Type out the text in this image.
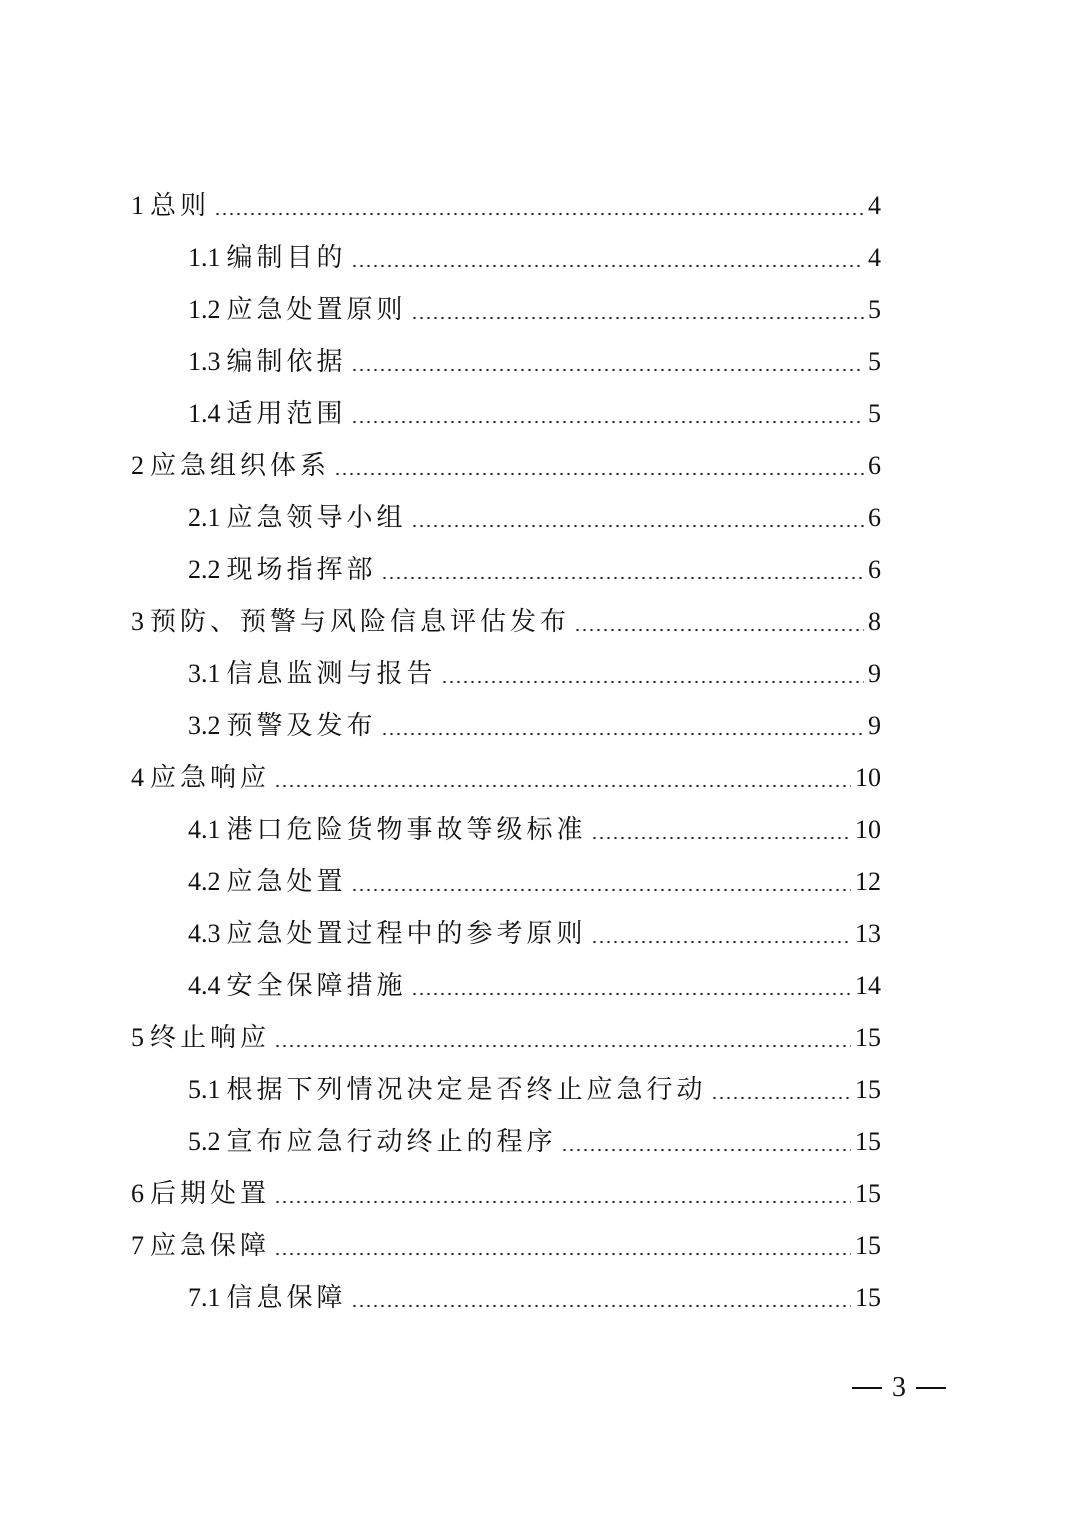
1 总则	4
1.1 编制目的	4
1.2 应急处置原则	5
1.3 编制依据	5
1.4 适用范围	5
2 应急组织体系	6
2.1 应急领导小组	6
2.2 现场指挥部	6
3 预防、预警与风险信息评估发布	8
3.1 信息监测与报告	9
3.2 预警及发布	9
4 应急响应	10
4.1 港口危险货物事故等级标准	10
4.2 应急处置	12
4.3 应急处置过程中的参考原则	13
4.4 安全保障措施	14
5 终止响应	15
5.1 根据下列情况决定是否终止应急行动	15
5.2 宣布应急行动终止的程序	15
6 后期处置	15
7 应急保障	15
7.1 信息保障	15
3
